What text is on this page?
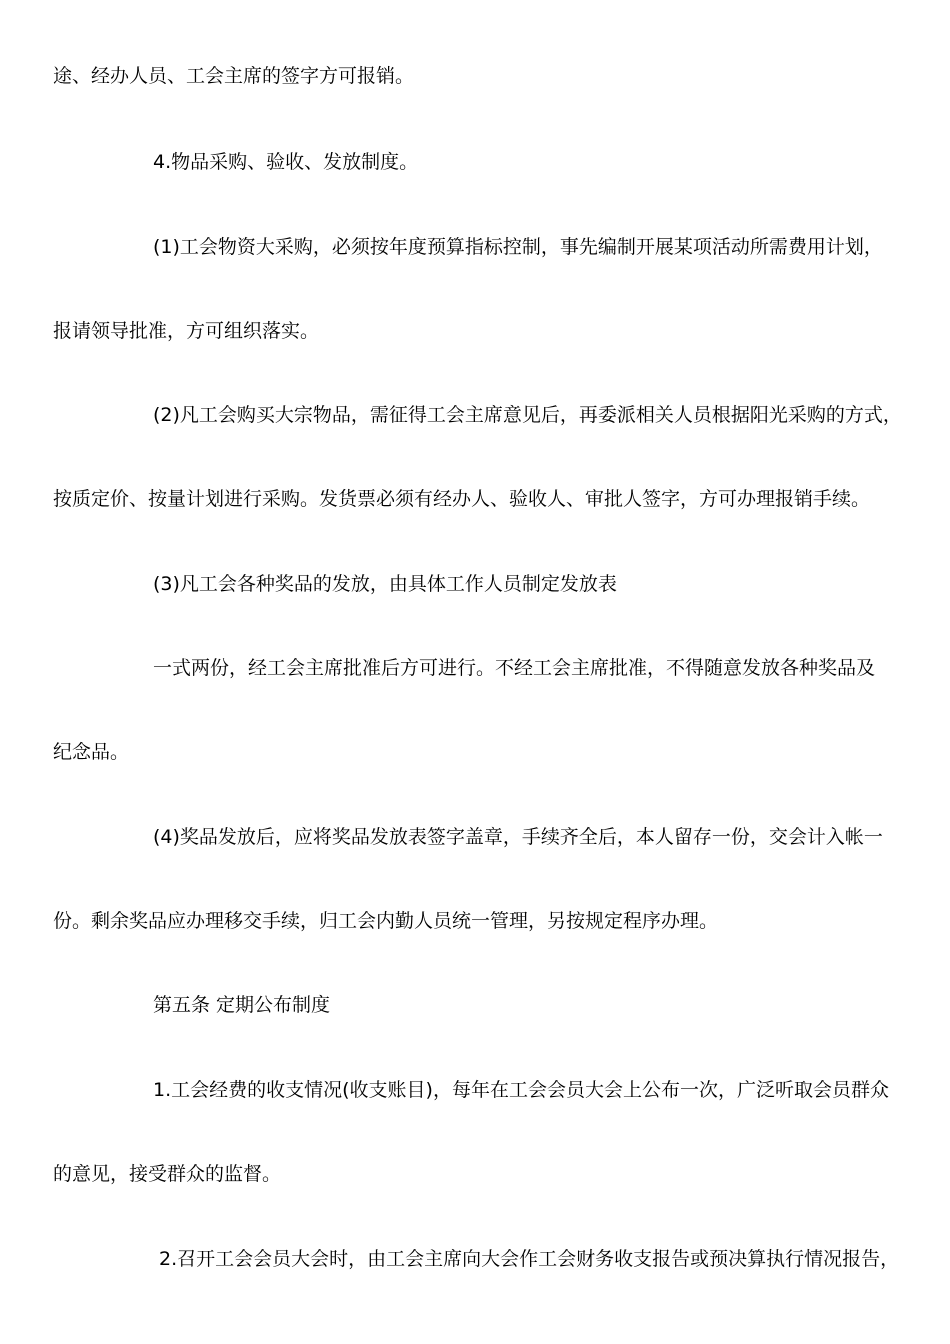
途、经办人员、工会主席的签字方可报销。
4.物品采购、验收、发放制度。
(1)工会物资大采购，必须按年度预算指标控制，事先编制开展某项活动所需费用计划，
报请领导批准，方可组织落实。
(2)凡工会购买大宗物品，需征得工会主席意见后，再委派相关人员根据阳光采购的方式，
按质定价、按量计划进行采购。发货票必须有经办人、验收人、审批人签字，方可办理报销手续。
(3)凡工会各种奖品的发放，由具体工作人员制定发放表
一式两份，经工会主席批准后方可进行。不经工会主席批准，不得随意发放各种奖品及
纪念品。
(4)奖品发放后，应将奖品发放表签字盖章，手续齐全后，本人留存一份，交会计入帐一
份。剩余奖品应办理移交手续，归工会内勤人员统一管理，另按规定程序办理。
第五条 定期公布制度
1.工会经费的收支情况(收支账目)，每年在工会会员大会上公布一次，广泛听取会员群众
的意见，接受群众的监督。
2.召开工会会员大会时，由工会主席向大会作工会财务收支报告或预决算执行情况报告，
